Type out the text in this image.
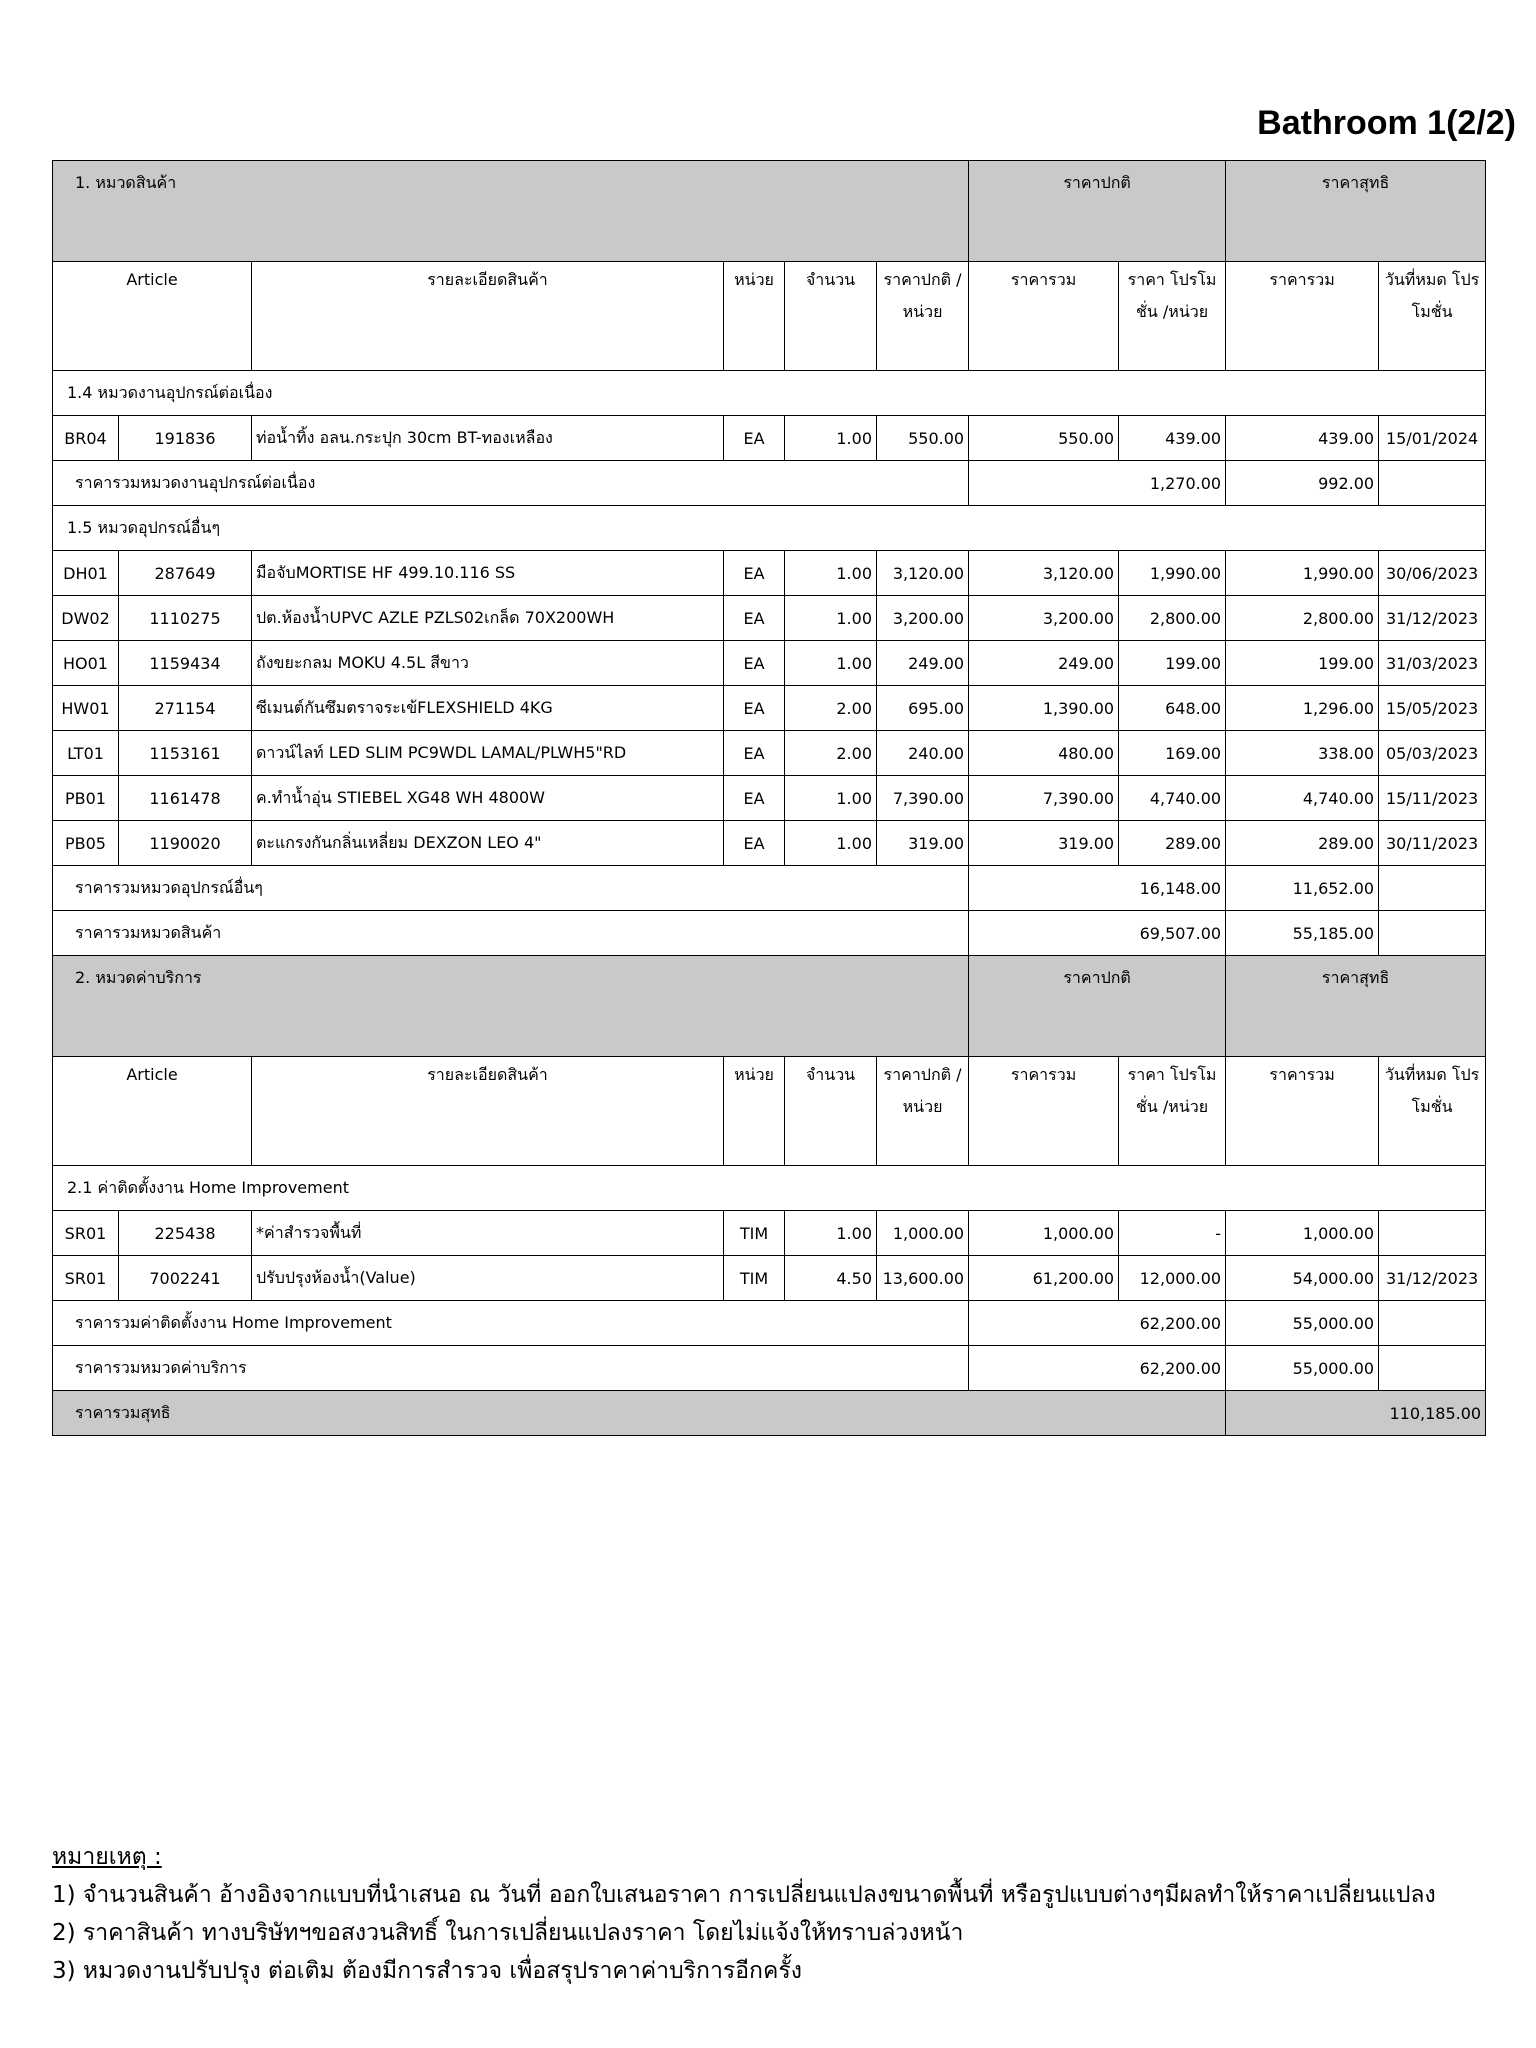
Bathroom 1(2/2)
1. หมวดสินค้า						ราคาปกติ		ราคาสุทธิ	
Article		รายละเอียดสินค้า	หน่วย	จำนวน	ราคาปกติ /หน่วย	ราคารวม	ราคา โปรโมชั่น /หน่วย	ราคารวม	วันที่หมด โปรโมชั่น
1.4 หมวดงานอุปกรณ์ต่อเนื่อง									
BR04	191836	ท่อน้ำทิ้ง อลน.กระปุก 30cm BT-ทองเหลือง	EA	1.00	550.00	550.00	439.00	439.00	15/01/2024
ราคารวมหมวดงานอุปกรณ์ต่อเนื่อง						1,270.00		992.00	
1.5 หมวดอุปกรณ์อื่นๆ									
DH01	287649	มือจับMORTISE HF 499.10.116 SS	EA	1.00	3,120.00	3,120.00	1,990.00	1,990.00	30/06/2023
DW02	1110275	ปต.ห้องน้ำUPVC AZLE PZLS02เกล็ด 70X200WH	EA	1.00	3,200.00	3,200.00	2,800.00	2,800.00	31/12/2023
HO01	1159434	ถังขยะกลม MOKU 4.5L สีขาว	EA	1.00	249.00	249.00	199.00	199.00	31/03/2023
HW01	271154	ซีเมนต์กันซึมตราจระเข้FLEXSHIELD 4KG	EA	2.00	695.00	1,390.00	648.00	1,296.00	15/05/2023
LT01	1153161	ดาวน์ไลท์ LED SLIM PC9WDL LAMAL/PLWH5"RD	EA	2.00	240.00	480.00	169.00	338.00	05/03/2023
PB01	1161478	ค.ทำน้ำอุ่น STIEBEL XG48 WH 4800W	EA	1.00	7,390.00	7,390.00	4,740.00	4,740.00	15/11/2023
PB05	1190020	ตะแกรงกันกลิ่นเหลี่ยม DEXZON LEO 4"	EA	1.00	319.00	319.00	289.00	289.00	30/11/2023
ราคารวมหมวดอุปกรณ์อื่นๆ						16,148.00		11,652.00	
ราคารวมหมวดสินค้า						69,507.00		55,185.00	
2. หมวดค่าบริการ						ราคาปกติ		ราคาสุทธิ	
Article		รายละเอียดสินค้า	หน่วย	จำนวน	ราคาปกติ /หน่วย	ราคารวม	ราคา โปรโมชั่น /หน่วย	ราคารวม	วันที่หมด โปรโมชั่น
2.1 ค่าติดตั้งงาน Home Improvement									
SR01	225438	*ค่าสำรวจพื้นที่	TIM	1.00	1,000.00	1,000.00	-	1,000.00	
SR01	7002241	ปรับปรุงห้องน้ำ(Value)	TIM	4.50	13,600.00	61,200.00	12,000.00	54,000.00	31/12/2023
ราคารวมค่าติดตั้งงาน Home Improvement						62,200.00		55,000.00	
ราคารวมหมวดค่าบริการ						62,200.00		55,000.00	
ราคารวมสุทธิ								110,185.00	
หมายเหตุ :
1) จำนวนสินค้า อ้างอิงจากแบบที่นำเสนอ ณ วันที่ ออกใบเสนอราคา การเปลี่ยนแปลงขนาดพื้นที่ หรือรูปแบบต่างๆมีผลทำให้ราคาเปลี่ยนแปลง
2) ราคาสินค้า ทางบริษัทฯขอสงวนสิทธิ์ ในการเปลี่ยนแปลงราคา โดยไม่แจ้งให้ทราบล่วงหน้า
3) หมวดงานปรับปรุง ต่อเติม ต้องมีการสำรวจ เพื่อสรุปราคาค่าบริการอีกครั้ง
